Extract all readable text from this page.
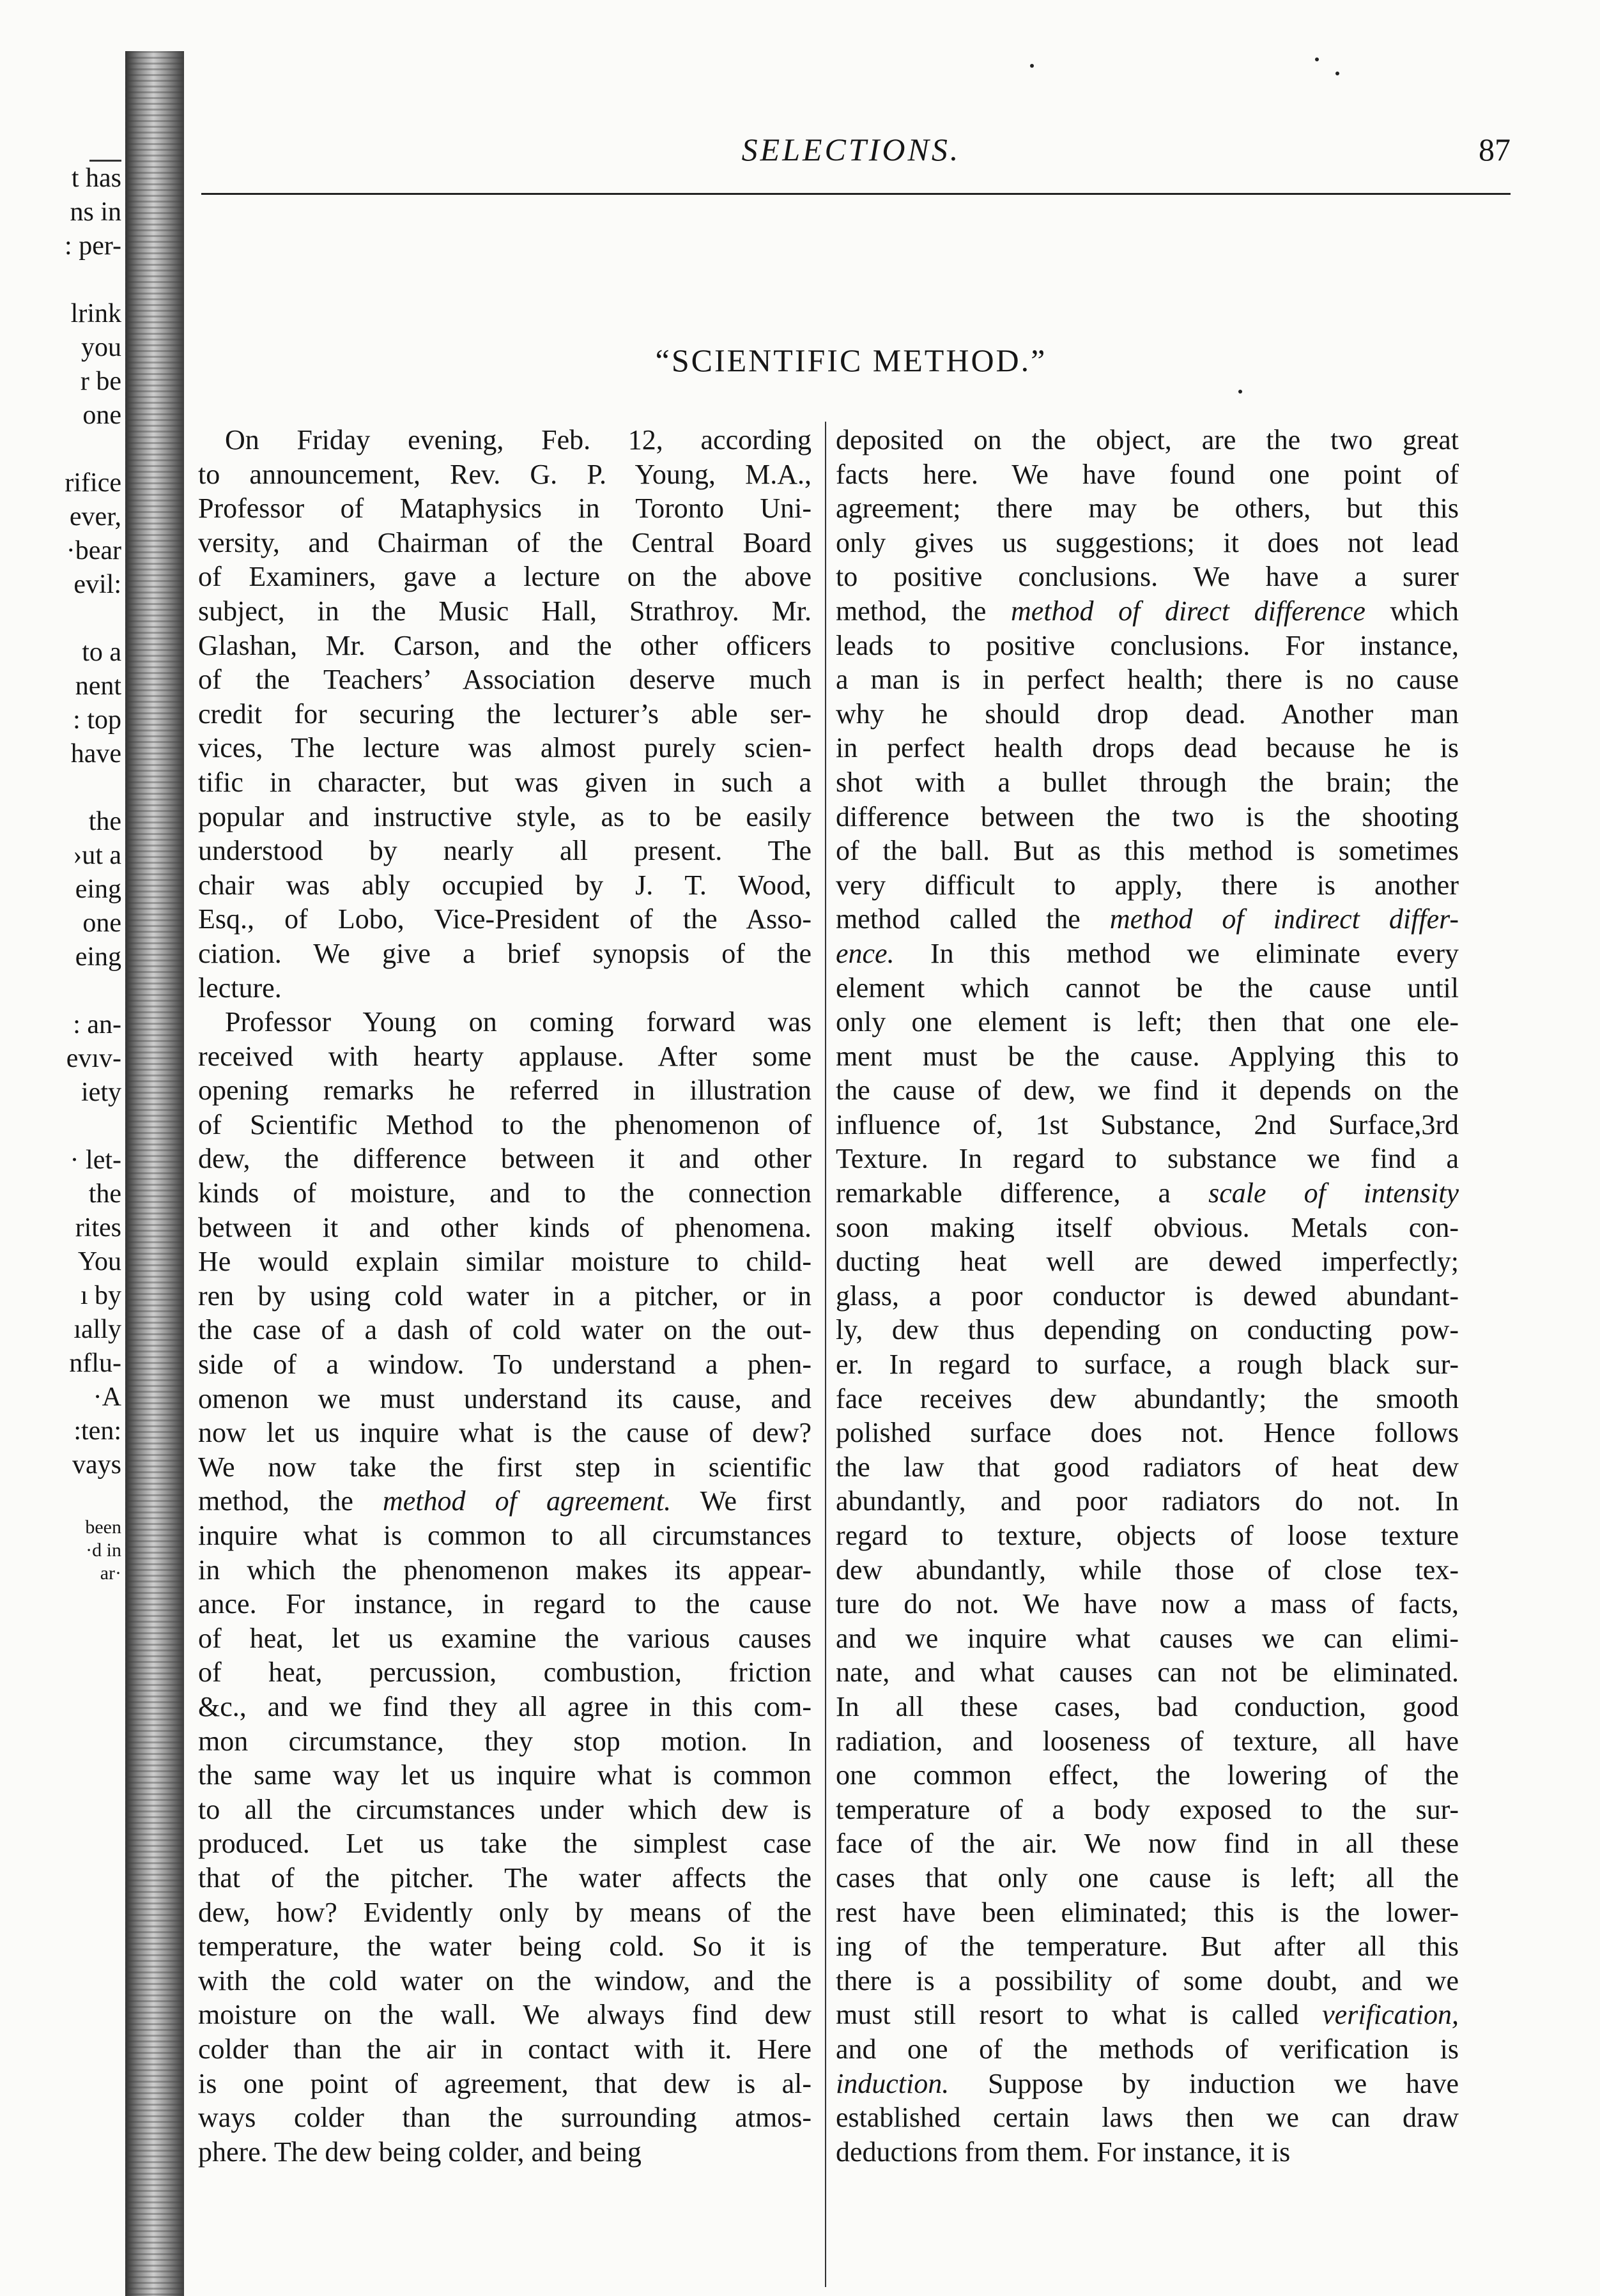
t has
ns in
: per-
lrink
you
r be
one
rifice
ever,
·bear
evil:
to a
nent
: top
have
the
›ut a
eing
one
eing
: an-
evıv-
iety
· let-
the
rites
You
ı by
ıally
nflu-
·A
:ten:
vays
been
·d in
ar·
SELECTIONS.	87
“SCIENTIFIC METHOD.”
On Friday evening, Feb. 12, according
to announcement, Rev. G. P. Young, M.A.,
Professor of Mataphysics in Toronto Uni-
versity, and Chairman of the Central Board
of Examiners, gave a lecture on the above
subject, in the Music Hall, Strathroy. Mr.
Glashan, Mr. Carson, and the other officers
of the Teachers’ Association deserve much
credit for securing the lecturer’s able ser-
vices, The lecture was almost purely scien-
tific in character, but was given in such a
popular and instructive style, as to be easily
understood by nearly all present. The
chair was ably occupied by J. T. Wood,
Esq., of Lobo, Vice-President of the Asso-
ciation. We give a brief synopsis of the
lecture.
Professor Young on coming forward was
received with hearty applause. After some
opening remarks he referred in illustration
of Scientific Method to the phenomenon of
dew, the difference between it and other
kinds of moisture, and to the connection
between it and other kinds of phenomena.
He would explain similar moisture to child-
ren by using cold water in a pitcher, or in
the case of a dash of cold water on the out-
side of a window. To understand a phen-
omenon we must understand its cause, and
now let us inquire what is the cause of dew?
We now take the first step in scientific
method, the method of agreement. We first
inquire what is common to all circumstances
in which the phenomenon makes its appear-
ance. For instance, in regard to the cause
of heat, let us examine the various causes
of heat, percussion, combustion, friction
&c., and we find they all agree in this com-
mon circumstance, they stop motion. In
the same way let us inquire what is common
to all the circumstances under which dew is
produced. Let us take the simplest case
that of the pitcher. The water affects the
dew, how? Evidently only by means of the
temperature, the water being cold. So it is
with the cold water on the window, and the
moisture on the wall. We always find dew
colder than the air in contact with it. Here
is one point of agreement, that dew is al-
ways colder than the surrounding atmos-
phere. The dew being colder, and being
deposited on the object, are the two great
facts here. We have found one point of
agreement; there may be others, but this
only gives us suggestions; it does not lead
to positive conclusions. We have a surer
method, the method of direct difference which
leads to positive conclusions. For instance,
a man is in perfect health; there is no cause
why he should drop dead. Another man
in perfect health drops dead because he is
shot with a bullet through the brain; the
difference between the two is the shooting
of the ball. But as this method is sometimes
very difficult to apply, there is another
method called the method of indirect differ-
ence. In this method we eliminate every
element which cannot be the cause until
only one element is left; then that one ele-
ment must be the cause. Applying this to
the cause of dew, we find it depends on the
influence of, 1st Substance, 2nd Surface,3rd
Texture. In regard to substance we find a
remarkable difference, a scale of intensity
soon making itself obvious. Metals con-
ducting heat well are dewed imperfectly;
glass, a poor conductor is dewed abundant-
ly, dew thus depending on conducting pow-
er. In regard to surface, a rough black sur-
face receives dew abundantly; the smooth
polished surface does not. Hence follows
the law that good radiators of heat dew
abundantly, and poor radiators do not. In
regard to texture, objects of loose texture
dew abundantly, while those of close tex-
ture do not. We have now a mass of facts,
and we inquire what causes we can elimi-
nate, and what causes can not be eliminated.
In all these cases, bad conduction, good
radiation, and looseness of texture, all have
one common effect, the lowering of the
temperature of a body exposed to the sur-
face of the air. We now find in all these
cases that only one cause is left; all the
rest have been eliminated; this is the lower-
ing of the temperature. But after all this
there is a possibility of some doubt, and we
must still resort to what is called verification,
and one of the methods of verification is
induction. Suppose by induction we have
established certain laws then we can draw
deductions from them. For instance, it is
